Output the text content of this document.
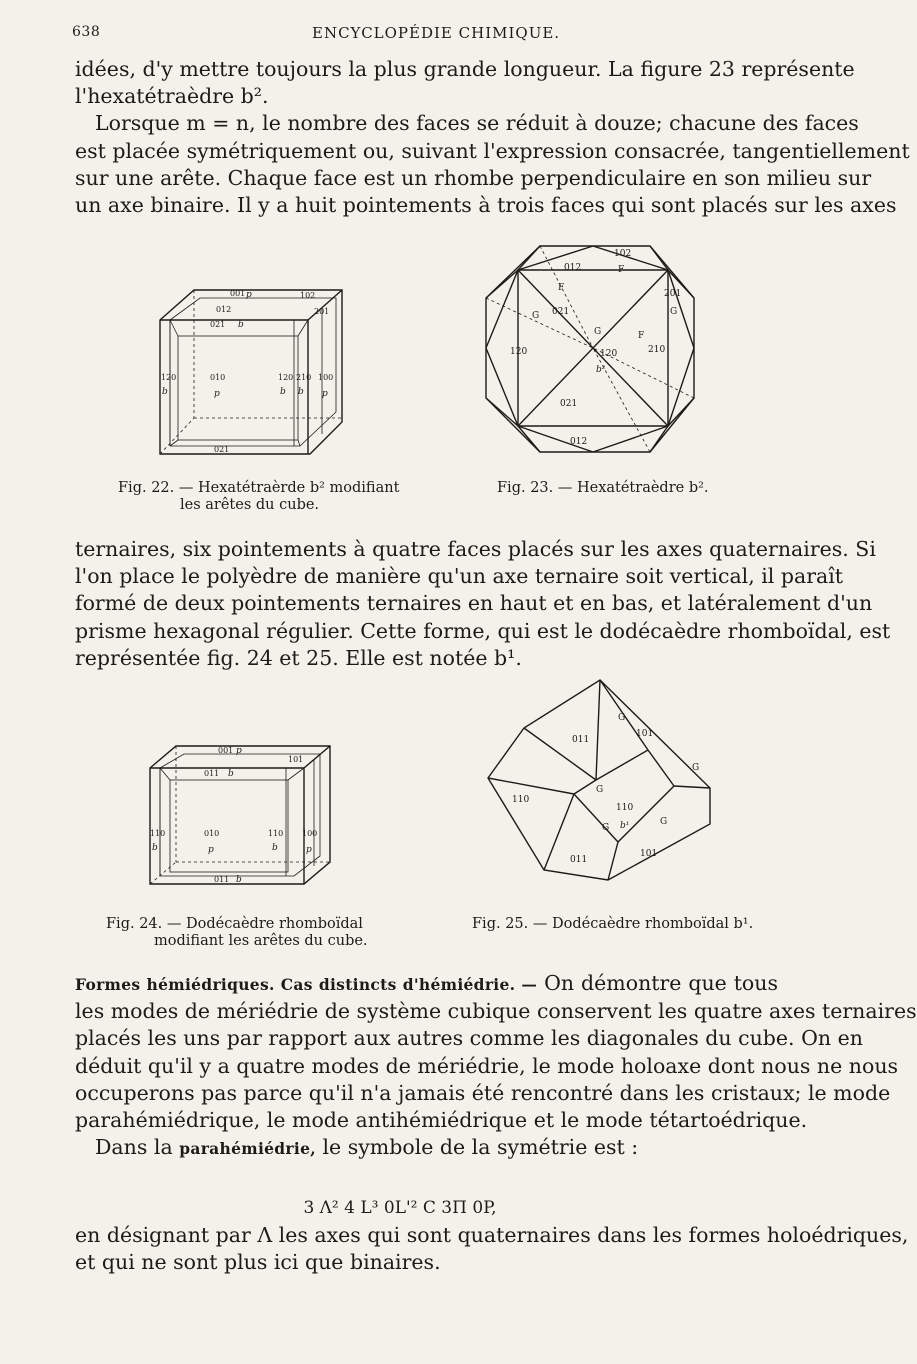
638	ENCYCLOPÉDIE CHIMIQUE.
idées, d'y mettre toujours la plus grande longueur. La figure 23 représente
l'hexatétraèdre b².
Lorsque m = n, le nombre des faces se réduit à douze; chacune des faces
est placée symétriquement ou, suivant l'expression consacrée, tangentiellement
sur une arête. Chaque face est un rhombe perpendiculaire en son milieu sur
un axe binaire. Il y a huit pointements à trois faces qui sont placés sur les axes
001 p
012
021 b
102
201
120
b
010
p
120 210
b b
100
p
021
Fig. 22. — Hexatétraèrde b² modifiant
les arêtes du cube.
102
012	F
F
201
G 021	G
120
G
120
F
210
b²
021
012
Fig. 23. — Hexatétraèdre b².
ternaires, six pointements à quatre faces placés sur les axes quaternaires. Si
l'on place le polyèdre de manière qu'un axe ternaire soit vertical, il paraît
formé de deux pointements ternaires en haut et en bas, et latéralement d'un
prisme hexagonal régulier. Cette forme, qui est le dodécaèdre rhomboïdal, est
représentée fig. 24 et 25. Elle est notée b¹.
001 p
101
011 b
110
b
010
p
110
b
100
p
011 b
Fig. 24. — Dodécaèdre rhomboïdal
modifiant les arêtes du cube.
G
011
101
G
110
G
110
G b¹	G
011
101
Fig. 25. — Dodécaèdre rhomboïdal b¹.
Formes hémiédriques. Cas distincts d'hémiédrie. — On démontre que tous
les modes de mériédrie de système cubique conservent les quatre axes ternaires
placés les uns par rapport aux autres comme les diagonales du cube. On en
déduit qu'il y a quatre modes de mériédrie, le mode holoaxe dont nous ne nous
occuperons pas parce qu'il n'a jamais été rencontré dans les cristaux; le mode
parahémiédrique, le mode antihémiédrique et le mode tétartoédrique.
Dans la parahémiédrie, le symbole de la symétrie est :
3 Λ² 4 L³ 0L'² C 3Π 0P,
en désignant par Λ les axes qui sont quaternaires dans les formes holoédriques,
et qui ne sont plus ici que binaires.
